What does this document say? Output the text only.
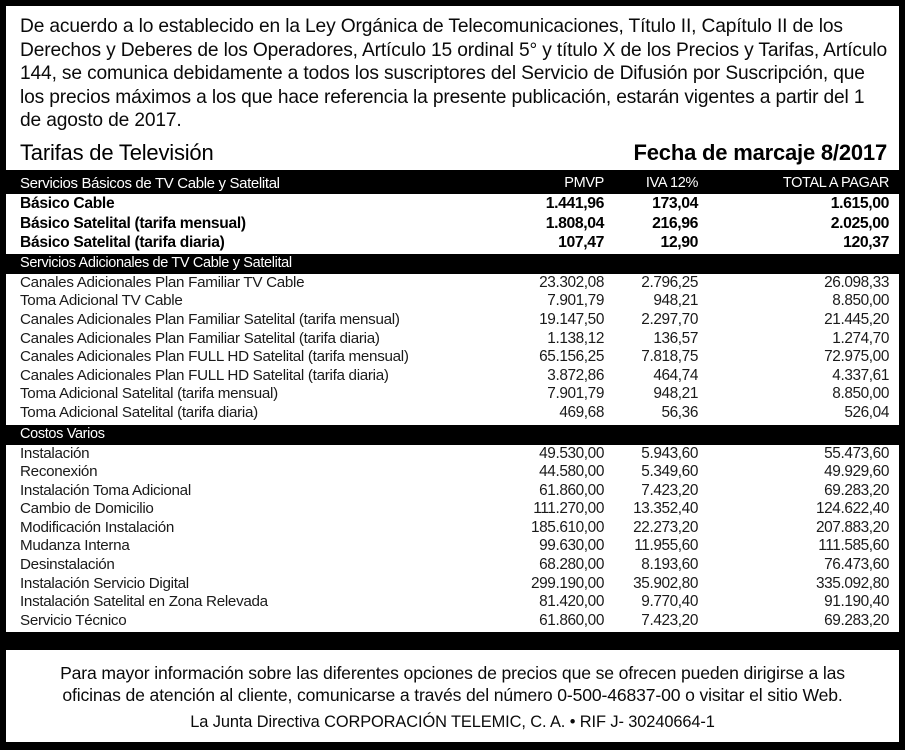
De acuerdo a lo establecido en la Ley Orgánica de Telecomunicaciones, Título II, Capítulo II de los Derechos y Deberes de los Operadores, Artículo 15 ordinal 5° y título X de los Precios y Tarifas, Artículo 144, se comunica debidamente a todos los suscriptores del Servicio de Difusión por Suscripción, que los precios máximos a los que hace referencia la presente publicación, estarán vigentes a partir del 1 de agosto de 2017.

Tarifas de Televisión	Fecha de marcaje 8/2017
Servicios Básicos de TV Cable y Satelital	PMVP	IVA 12%	TOTAL A PAGAR
Básico Cable	1.441,96	173,04	1.615,00
Básico Satelital (tarifa mensual)	1.808,04	216,96	2.025,00
Básico Satelital (tarifa diaria)	107,47	12,90	120,37
Servicios Adicionales de TV Cable y Satelital
Canales Adicionales Plan Familiar TV Cable	23.302,08	2.796,25	26.098,33
Toma Adicional TV Cable	7.901,79	948,21	8.850,00
Canales Adicionales Plan Familiar Satelital (tarifa mensual)	19.147,50	2.297,70	21.445,20
Canales Adicionales Plan Familiar Satelital (tarifa diaria)	1.138,12	136,57	1.274,70
Canales Adicionales Plan FULL HD Satelital (tarifa mensual)	65.156,25	7.818,75	72.975,00
Canales Adicionales Plan FULL HD Satelital (tarifa diaria)	3.872,86	464,74	4.337,61
Toma Adicional Satelital (tarifa mensual)	7.901,79	948,21	8.850,00
Toma Adicional Satelital (tarifa diaria)	469,68	56,36	526,04
Costos Varios
Instalación	49.530,00	5.943,60	55.473,60
Reconexión	44.580,00	5.349,60	49.929,60
Instalación Toma Adicional	61.860,00	7.423,20	69.283,20
Cambio de Domicilio	111.270,00	13.352,40	124.622,40
Modificación Instalación	185.610,00	22.273,20	207.883,20
Mudanza Interna	99.630,00	11.955,60	111.585,60
Desinstalación	68.280,00	8.193,60	76.473,60
Instalación Servicio Digital	299.190,00	35.902,80	335.092,80
Instalación Satelital en Zona Relevada	81.420,00	9.770,40	91.190,40
Servicio Técnico	61.860,00	7.423,20	69.283,20

Para mayor información sobre las diferentes opciones de precios que se ofrecen pueden dirigirse a las

oficinas de atención al cliente, comunicarse a través del número 0-500-46837-00 o visitar el sitio Web.

La Junta Directiva CORPORACIÓN TELEMIC, C. A. • RIF J- 30240664-1
